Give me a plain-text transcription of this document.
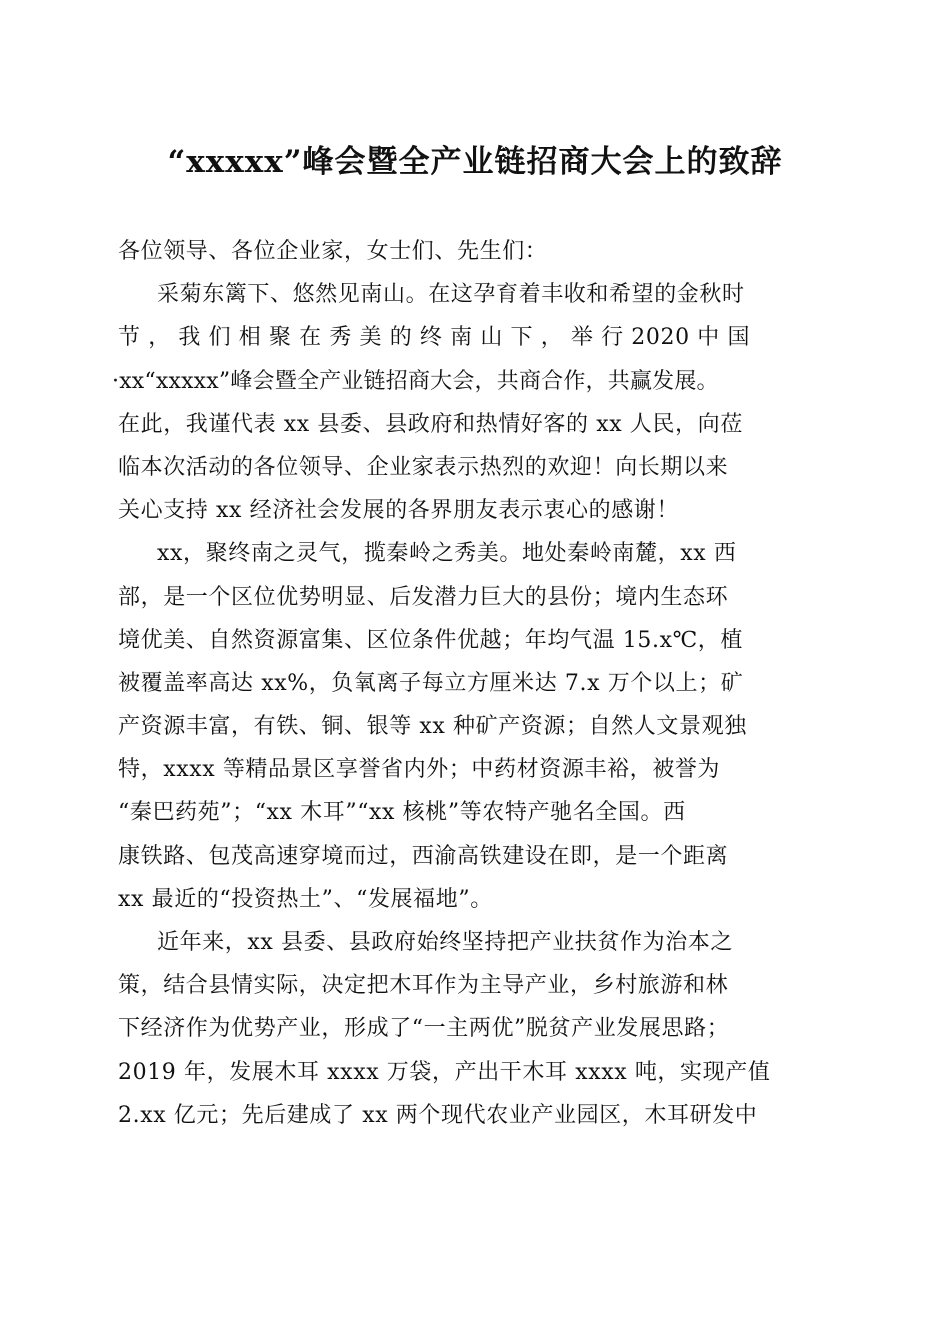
“xxxxx”峰会暨全产业链招商大会上的致辞
各位领导、各位企业家，女士们、先生们：
采菊东篱下、悠然见南山。在这孕育着丰收和希望的金秋时
节 ， 我 们 相 聚 在 秀 美 的 终 南 山 下 ， 举 行 2020 中 国
·xx“xxxxx”峰会暨全产业链招商大会，共商合作，共赢发展。
在此，我谨代表 xx 县委、县政府和热情好客的 xx 人民，向莅
临本次活动的各位领导、企业家表示热烈的欢迎！向长期以来
关心支持 xx 经济社会发展的各界朋友表示衷心的感谢！
xx，聚终南之灵气，揽秦岭之秀美。地处秦岭南麓，xx 西
部，是一个区位优势明显、后发潜力巨大的县份；境内生态环
境优美、自然资源富集、区位条件优越；年均气温 15.x℃，植
被覆盖率高达 xx%，负氧离子每立方厘米达 7.x 万个以上；矿
产资源丰富，有铁、铜、银等 xx 种矿产资源；自然人文景观独
特，xxxx 等精品景区享誉省内外；中药材资源丰裕，被誉为
“秦巴药苑”；“xx 木耳”“xx 核桃”等农特产驰名全国。西
康铁路、包茂高速穿境而过，西渝高铁建设在即，是一个距离
xx 最近的“投资热土”、“发展福地”。
近年来，xx 县委、县政府始终坚持把产业扶贫作为治本之
策，结合县情实际，决定把木耳作为主导产业，乡村旅游和林
下经济作为优势产业，形成了“一主两优”脱贫产业发展思路；
2019 年，发展木耳 xxxx 万袋，产出干木耳 xxxx 吨，实现产值
2.xx 亿元；先后建成了 xx 两个现代农业产业园区，木耳研发中
